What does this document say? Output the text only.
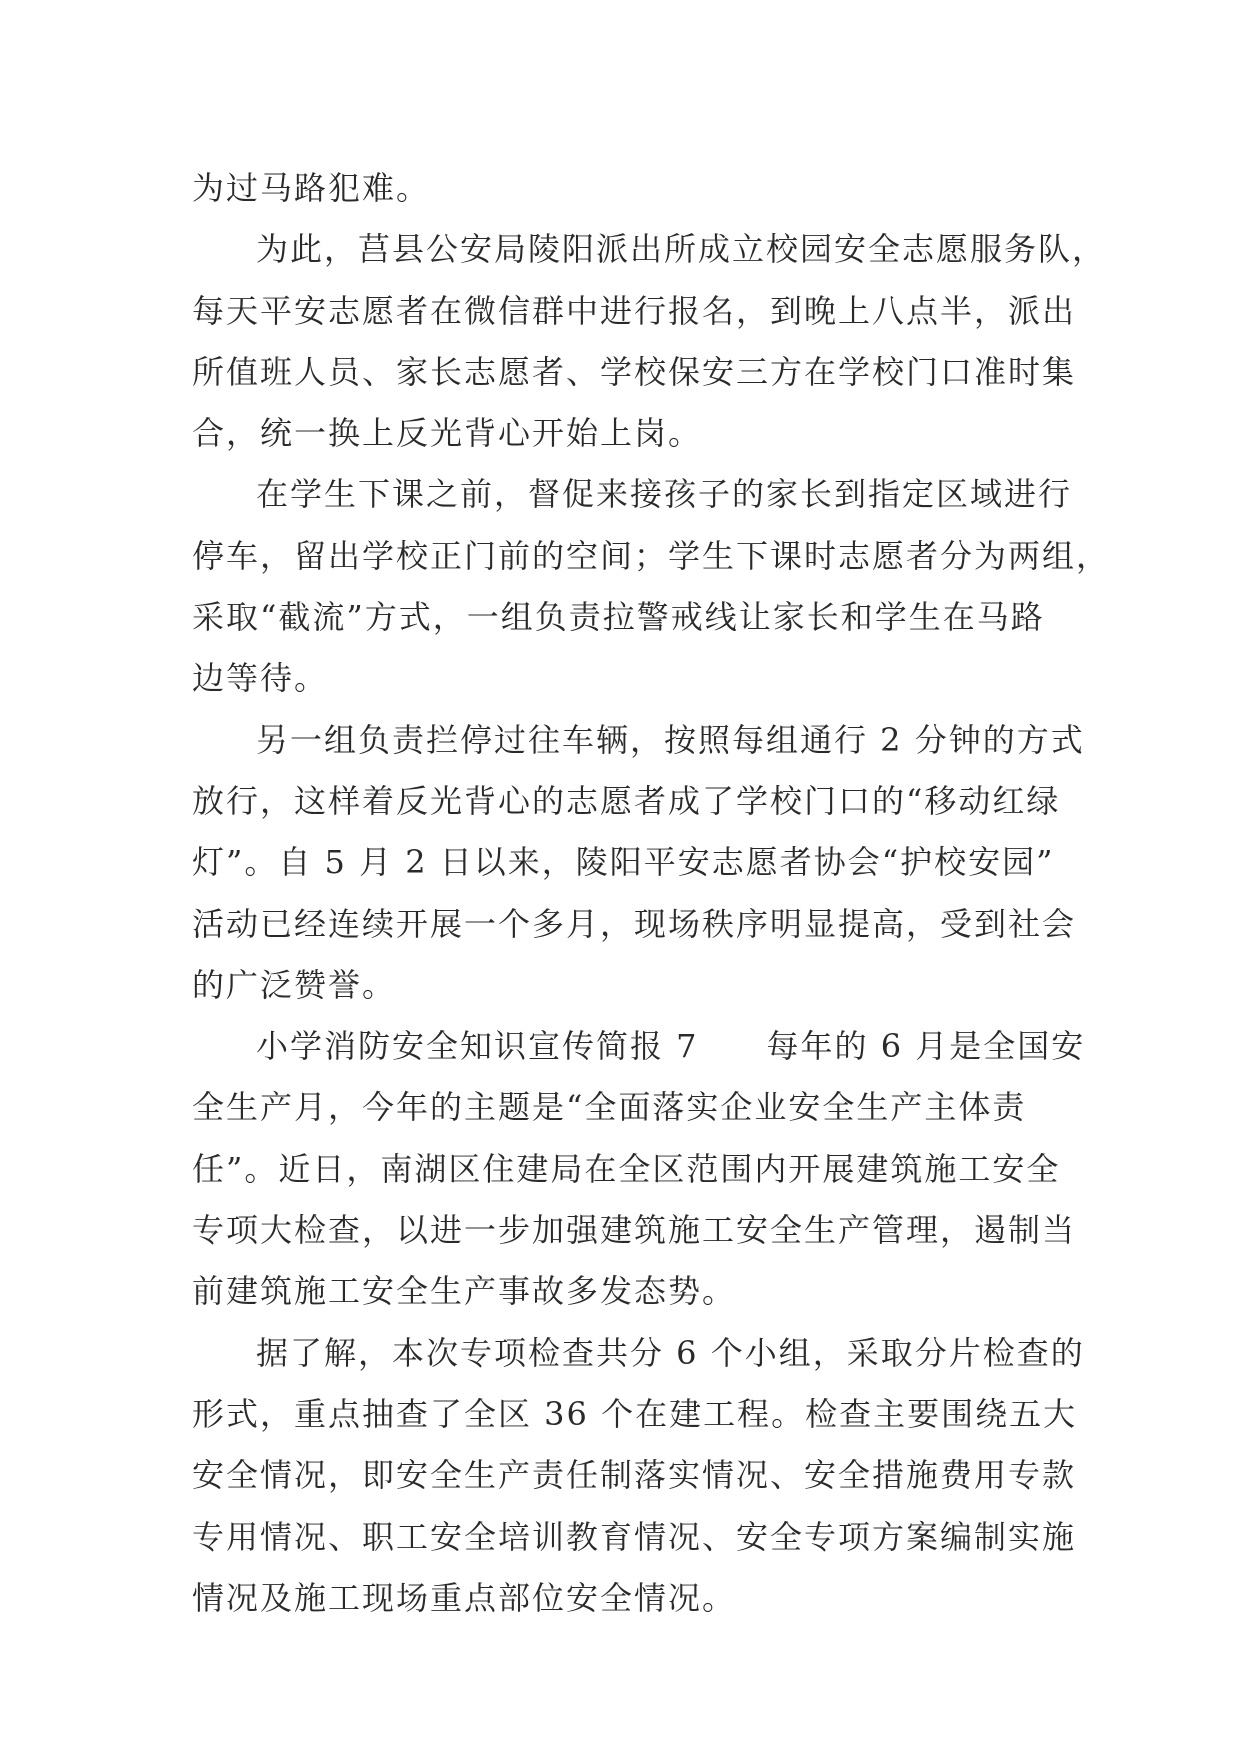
为过马路犯难。
为此，莒县公安局陵阳派出所成立校园安全志愿服务队，
每天平安志愿者在微信群中进行报名，到晚上八点半，派出
所值班人员、家长志愿者、学校保安三方在学校门口准时集
合，统一换上反光背心开始上岗。
在学生下课之前，督促来接孩子的家长到指定区域进行
停车，留出学校正门前的空间；学生下课时志愿者分为两组，
采取“截流”方式，一组负责拉警戒线让家长和学生在马路
边等待。
另一组负责拦停过往车辆，按照每组通行 2 分钟的方式
放行，这样着反光背心的志愿者成了学校门口的“移动红绿
灯”。自 5 月 2 日以来，陵阳平安志愿者协会“护校安园”
活动已经连续开展一个多月，现场秩序明显提高，受到社会
的广泛赞誉。
小学消防安全知识宣传简报 7　　每年的 6 月是全国安
全生产月，今年的主题是“全面落实企业安全生产主体责
任”。近日，南湖区住建局在全区范围内开展建筑施工安全
专项大检查，以进一步加强建筑施工安全生产管理，遏制当
前建筑施工安全生产事故多发态势。
据了解，本次专项检查共分 6 个小组，采取分片检查的
形式，重点抽查了全区 36 个在建工程。检查主要围绕五大
安全情况，即安全生产责任制落实情况、安全措施费用专款
专用情况、职工安全培训教育情况、安全专项方案编制实施
情况及施工现场重点部位安全情况。
